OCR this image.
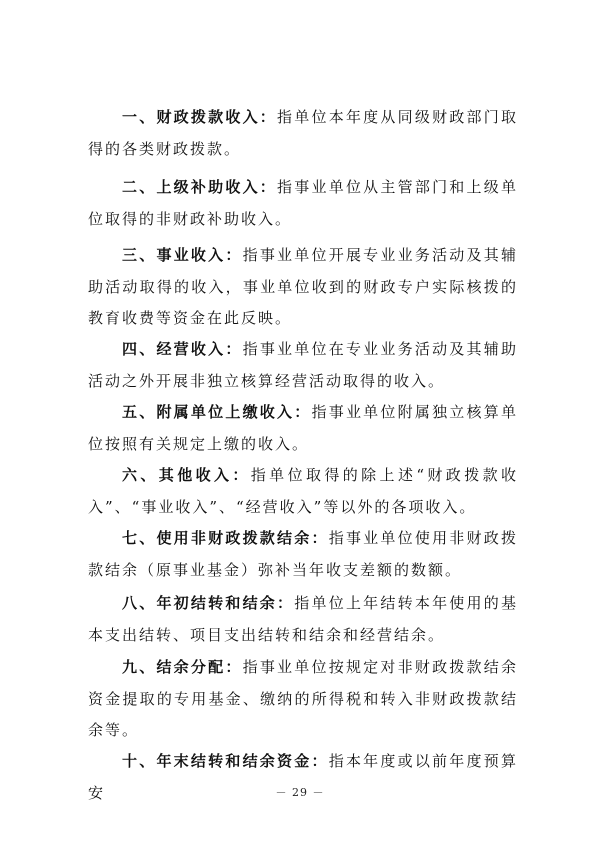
一、财政拨款收入：指单位本年度从同级财政部门取得的各类财政拨款。

二、上级补助收入：指事业单位从主管部门和上级单位取得的非财政补助收入。

三、事业收入：指事业单位开展专业业务活动及其辅助活动取得的收入，事业单位收到的财政专户实际核拨的教育收费等资金在此反映。

四、经营收入：指事业单位在专业业务活动及其辅助活动之外开展非独立核算经营活动取得的收入。

五、附属单位上缴收入：指事业单位附属独立核算单位按照有关规定上缴的收入。

六、其他收入：指单位取得的除上述“财政拨款收入”、“事业收入”、“经营收入”等以外的各项收入。

七、使用非财政拨款结余：指事业单位使用非财政拨款结余（原事业基金）弥补当年收支差额的数额。

八、年初结转和结余：指单位上年结转本年使用的基本支出结转、项目支出结转和结余和经营结余。

九、结余分配：指事业单位按规定对非财政拨款结余资金提取的专用基金、缴纳的所得税和转入非财政拨款结余等。

十、年末结转和结余资金：指本年度或以前年度预算安	－ 29 －
